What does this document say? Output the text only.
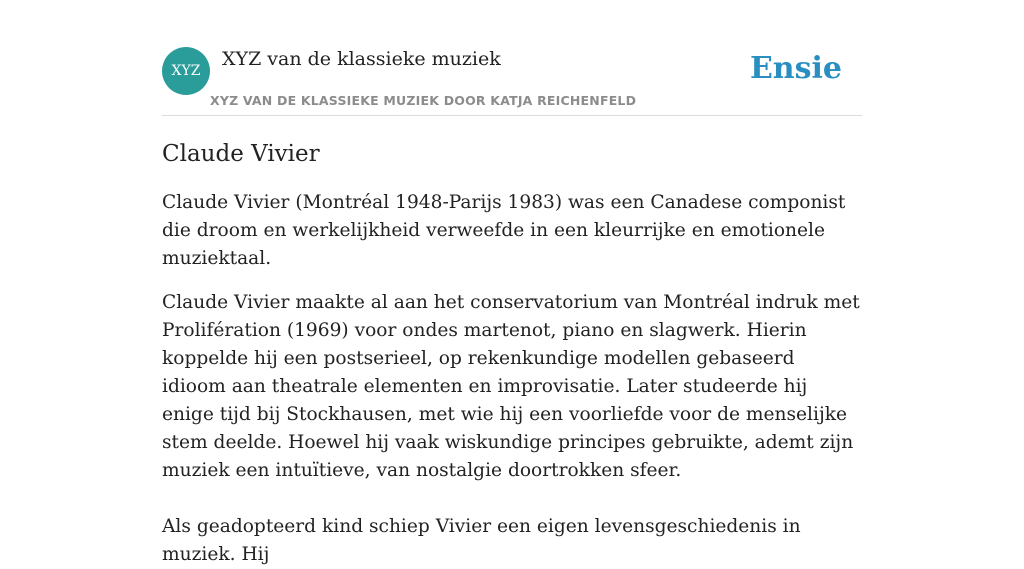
XYZ
XYZ van de klassieke muziek
XYZ VAN DE KLASSIEKE MUZIEK DOOR KATJA REICHENFELD
Ensie
Claude Vivier

Claude Vivier (Montréal 1948-Parijs 1983) was een Canadese componist die droom en werkelijkheid verweefde in een kleurrijke en emotionele muziektaal.

Claude Vivier maakte al aan het conservatorium van Montréal indruk met Prolifération (1969) voor ondes martenot, piano en slagwerk. Hierin koppelde hij een postserieel, op rekenkundige modellen gebaseerd idioom aan theatrale elementen en improvisatie. Later studeerde hij enige tijd bij Stockhausen, met wie hij een voorliefde voor de menselijke stem deelde. Hoewel hij vaak wiskundige principes gebruikte, ademt zijn muziek een intuïtieve, van nostalgie doortrokken sfeer.

Als geadopteerd kind schiep Vivier een eigen levensgeschiedenis in muziek. Hij
